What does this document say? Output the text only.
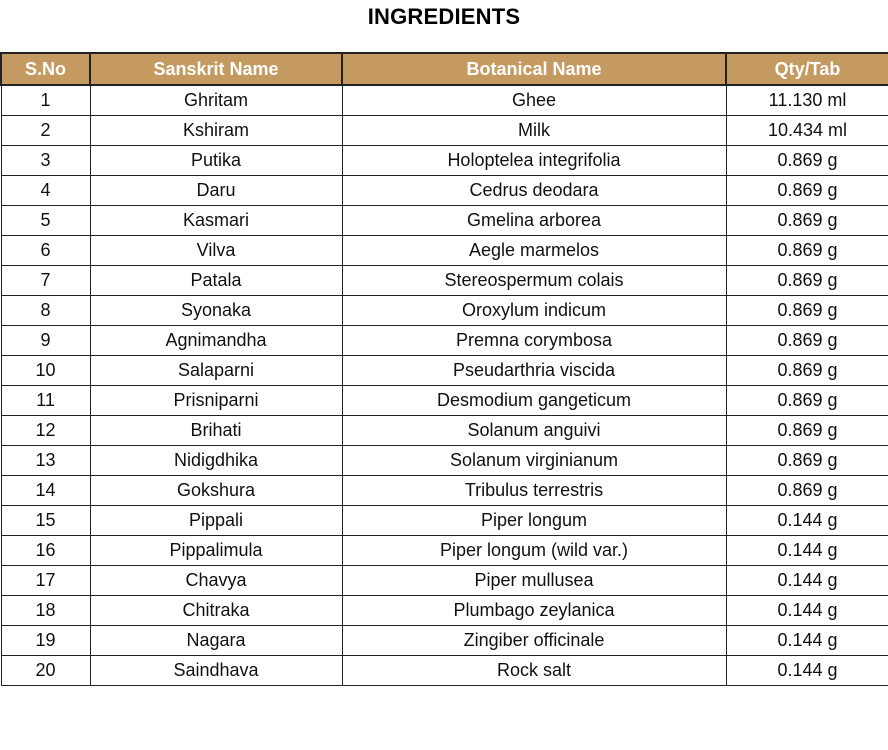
INGREDIENTS
S.No	Sanskrit Name	Botanical Name	Qty/Tab
1	Ghritam	Ghee	11.130 ml
2	Kshiram	Milk	10.434 ml
3	Putika	Holoptelea integrifolia	0.869 g
4	Daru	Cedrus deodara	0.869 g
5	Kasmari	Gmelina arborea	0.869 g
6	Vilva	Aegle marmelos	0.869 g
7	Patala	Stereospermum colais	0.869 g
8	Syonaka	Oroxylum indicum	0.869 g
9	Agnimandha	Premna corymbosa	0.869 g
10	Salaparni	Pseudarthria viscida	0.869 g
11	Prisniparni	Desmodium gangeticum	0.869 g
12	Brihati	Solanum anguivi	0.869 g
13	Nidigdhika	Solanum virginianum	0.869 g
14	Gokshura	Tribulus terrestris	0.869 g
15	Pippali	Piper longum	0.144 g
16	Pippalimula	Piper longum (wild var.)	0.144 g
17	Chavya	Piper mullusea	0.144 g
18	Chitraka	Plumbago zeylanica	0.144 g
19	Nagara	Zingiber officinale	0.144 g
20	Saindhava	Rock salt	0.144 g
